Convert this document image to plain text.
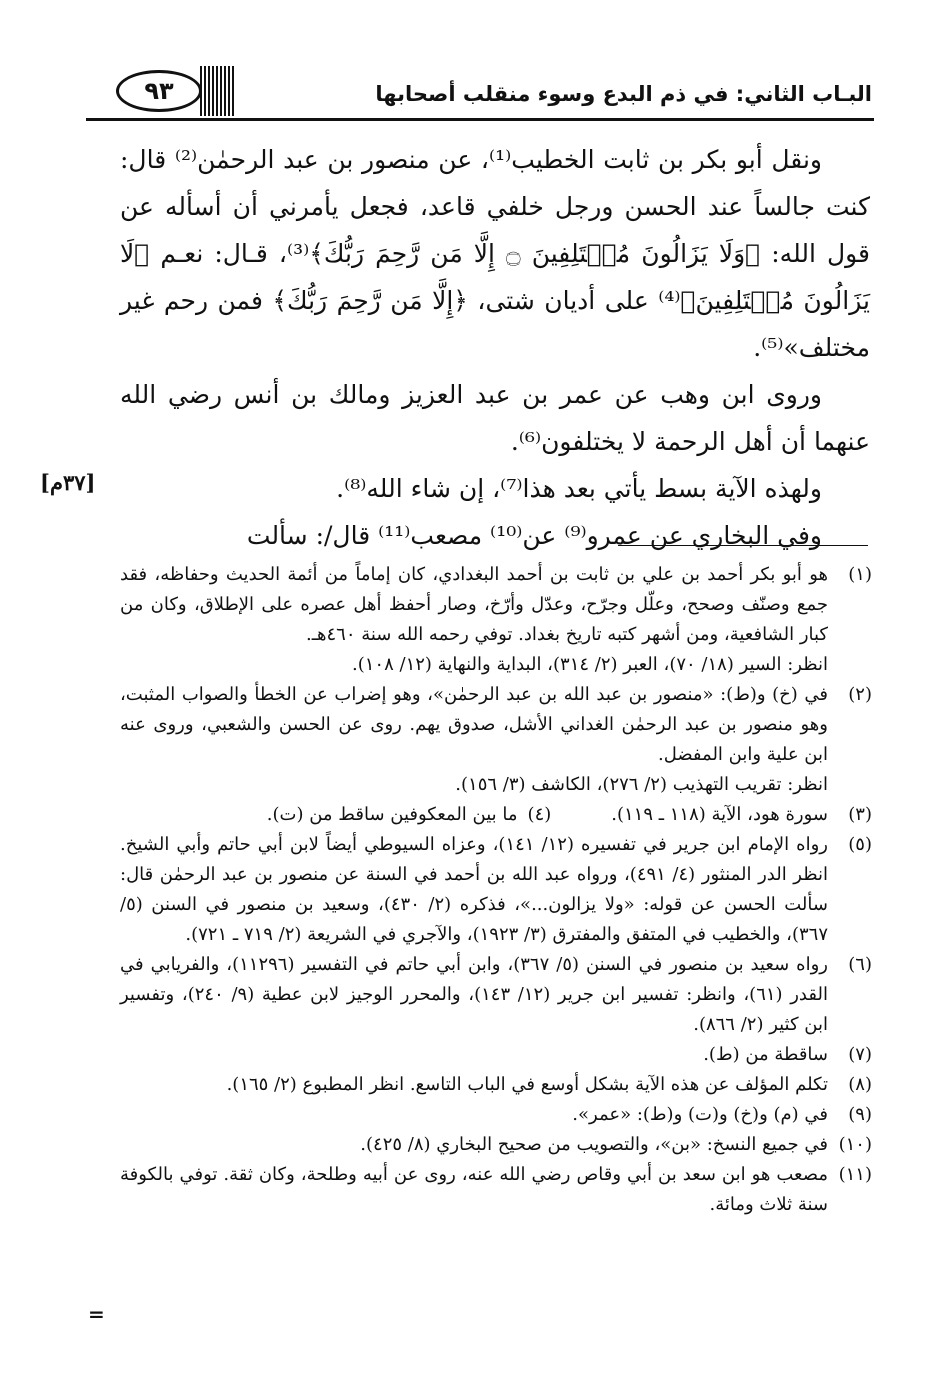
البـاب الثاني: في ذم البدع وسوء منقلب أصحابها
٩٣

ونقل أبو بكر بن ثابت الخطيب⁽¹⁾، عن منصور بن عبد الرحمٰن⁽²⁾ قال: كنت جالساً عند الحسن ورجل خلفي قاعد، فجعل يأمرني أن أسأله عن قول الله: ﴿وَلَا يَزَالُونَ مُخۡتَلِفِينَ ۝ إِلَّا مَن رَّحِمَ رَبُّكَ﴾⁽³⁾، قـال: نعـم ﴿لَا يَزَالُونَ مُخۡتَلِفِينَ﴾⁽⁴⁾ على أديان شتى، ﴿إِلَّا مَن رَّحِمَ رَبُّكَ﴾ فمن رحم غير مختلف»⁽⁵⁾.

وروى ابن وهب عن عمر بن عبد العزيز ومالك بن أنس رضي الله عنهما أن أهل الرحمة لا يختلفون⁽⁶⁾.

ولهذه الآية بسط يأتي بعد هذا⁽⁷⁾، إن شاء الله⁽⁸⁾.

وفي البخاري عن عمرو⁽⁹⁾ عن⁽¹⁰⁾ مصعب⁽¹¹⁾ قال/: سألت

[٣٧م]
(١)
هو أبو بكر أحمد بن علي بن ثابت بن أحمد البغدادي، كان إماماً من أئمة الحديث وحفاظه، فقد جمع وصنّف وصحح، وعلّل وجرّح، وعدّل وأرّخ، وصار أحفظ أهل عصره على الإطلاق، وكان من كبار الشافعية، ومن أشهر كتبه تاريخ بغداد. توفي رحمه الله سنة ٤٦٠هـ.
انظر: السير (١٨/ ٧٠)، العبر (٢/ ٣١٤)، البداية والنهاية (١٢/ ١٠٨).
(٢)
في (خ) و(ط): «منصور بن عبد الله بن عبد الرحمٰن»، وهو إضراب عن الخطأ والصواب المثبت، وهو منصور بن عبد الرحمٰن الغداني الأشل، صدوق يهم. روى عن الحسن والشعبي، وروى عنه ابن علية وابن المفضل.
انظر: تقريب التهذيب (٢/ ٢٧٦)، الكاشف (٣/ ١٥٦).
(٣)
سورة هود، الآية (١١٨ ـ ١١٩).
(٤)ما بين المعكوفين ساقط من (ت).
(٥)
رواه الإمام ابن جرير في تفسيره (١٢/ ١٤١)، وعزاه السيوطي أيضاً لابن أبي حاتم وأبي الشيخ. انظر الدر المنثور (٤/ ٤٩١)، ورواه عبد الله بن أحمد في السنة عن منصور بن عبد الرحمٰن قال: سألت الحسن عن قوله: «ولا يزالون...»، فذكره (٢/ ٤٣٠)، وسعيد بن منصور في السنن (٥/ ٣٦٧)، والخطيب في المتفق والمفترق (٣/ ١٩٢٣)، والآجري في الشريعة (٢/ ٧١٩ ـ ٧٢١).
(٦)
رواه سعيد بن منصور في السنن (٥/ ٣٦٧)، وابن أبي حاتم في التفسير (١١٢٩٦)، والفريابي في القدر (٦١)، وانظر: تفسير ابن جرير (١٢/ ١٤٣)، والمحرر الوجيز لابن عطية (٩/ ٢٤٠)، وتفسير ابن كثير (٢/ ٨٦٦).
(٧)
ساقطة من (ط).
(٨)
تكلم المؤلف عن هذه الآية بشكل أوسع في الباب التاسع. انظر المطبوع (٢/ ١٦٥).
(٩)
في (م) و(خ) و(ت) و(ط): «عمر».
(١٠)
في جميع النسخ: «بن»، والتصويب من صحيح البخاري (٨/ ٤٢٥).
(١١)
مصعب هو ابن سعد بن أبي وقاص رضي الله عنه، روى عن أبيه وطلحة، وكان ثقة. توفي بالكوفة سنة ثلاث ومائة.
=
